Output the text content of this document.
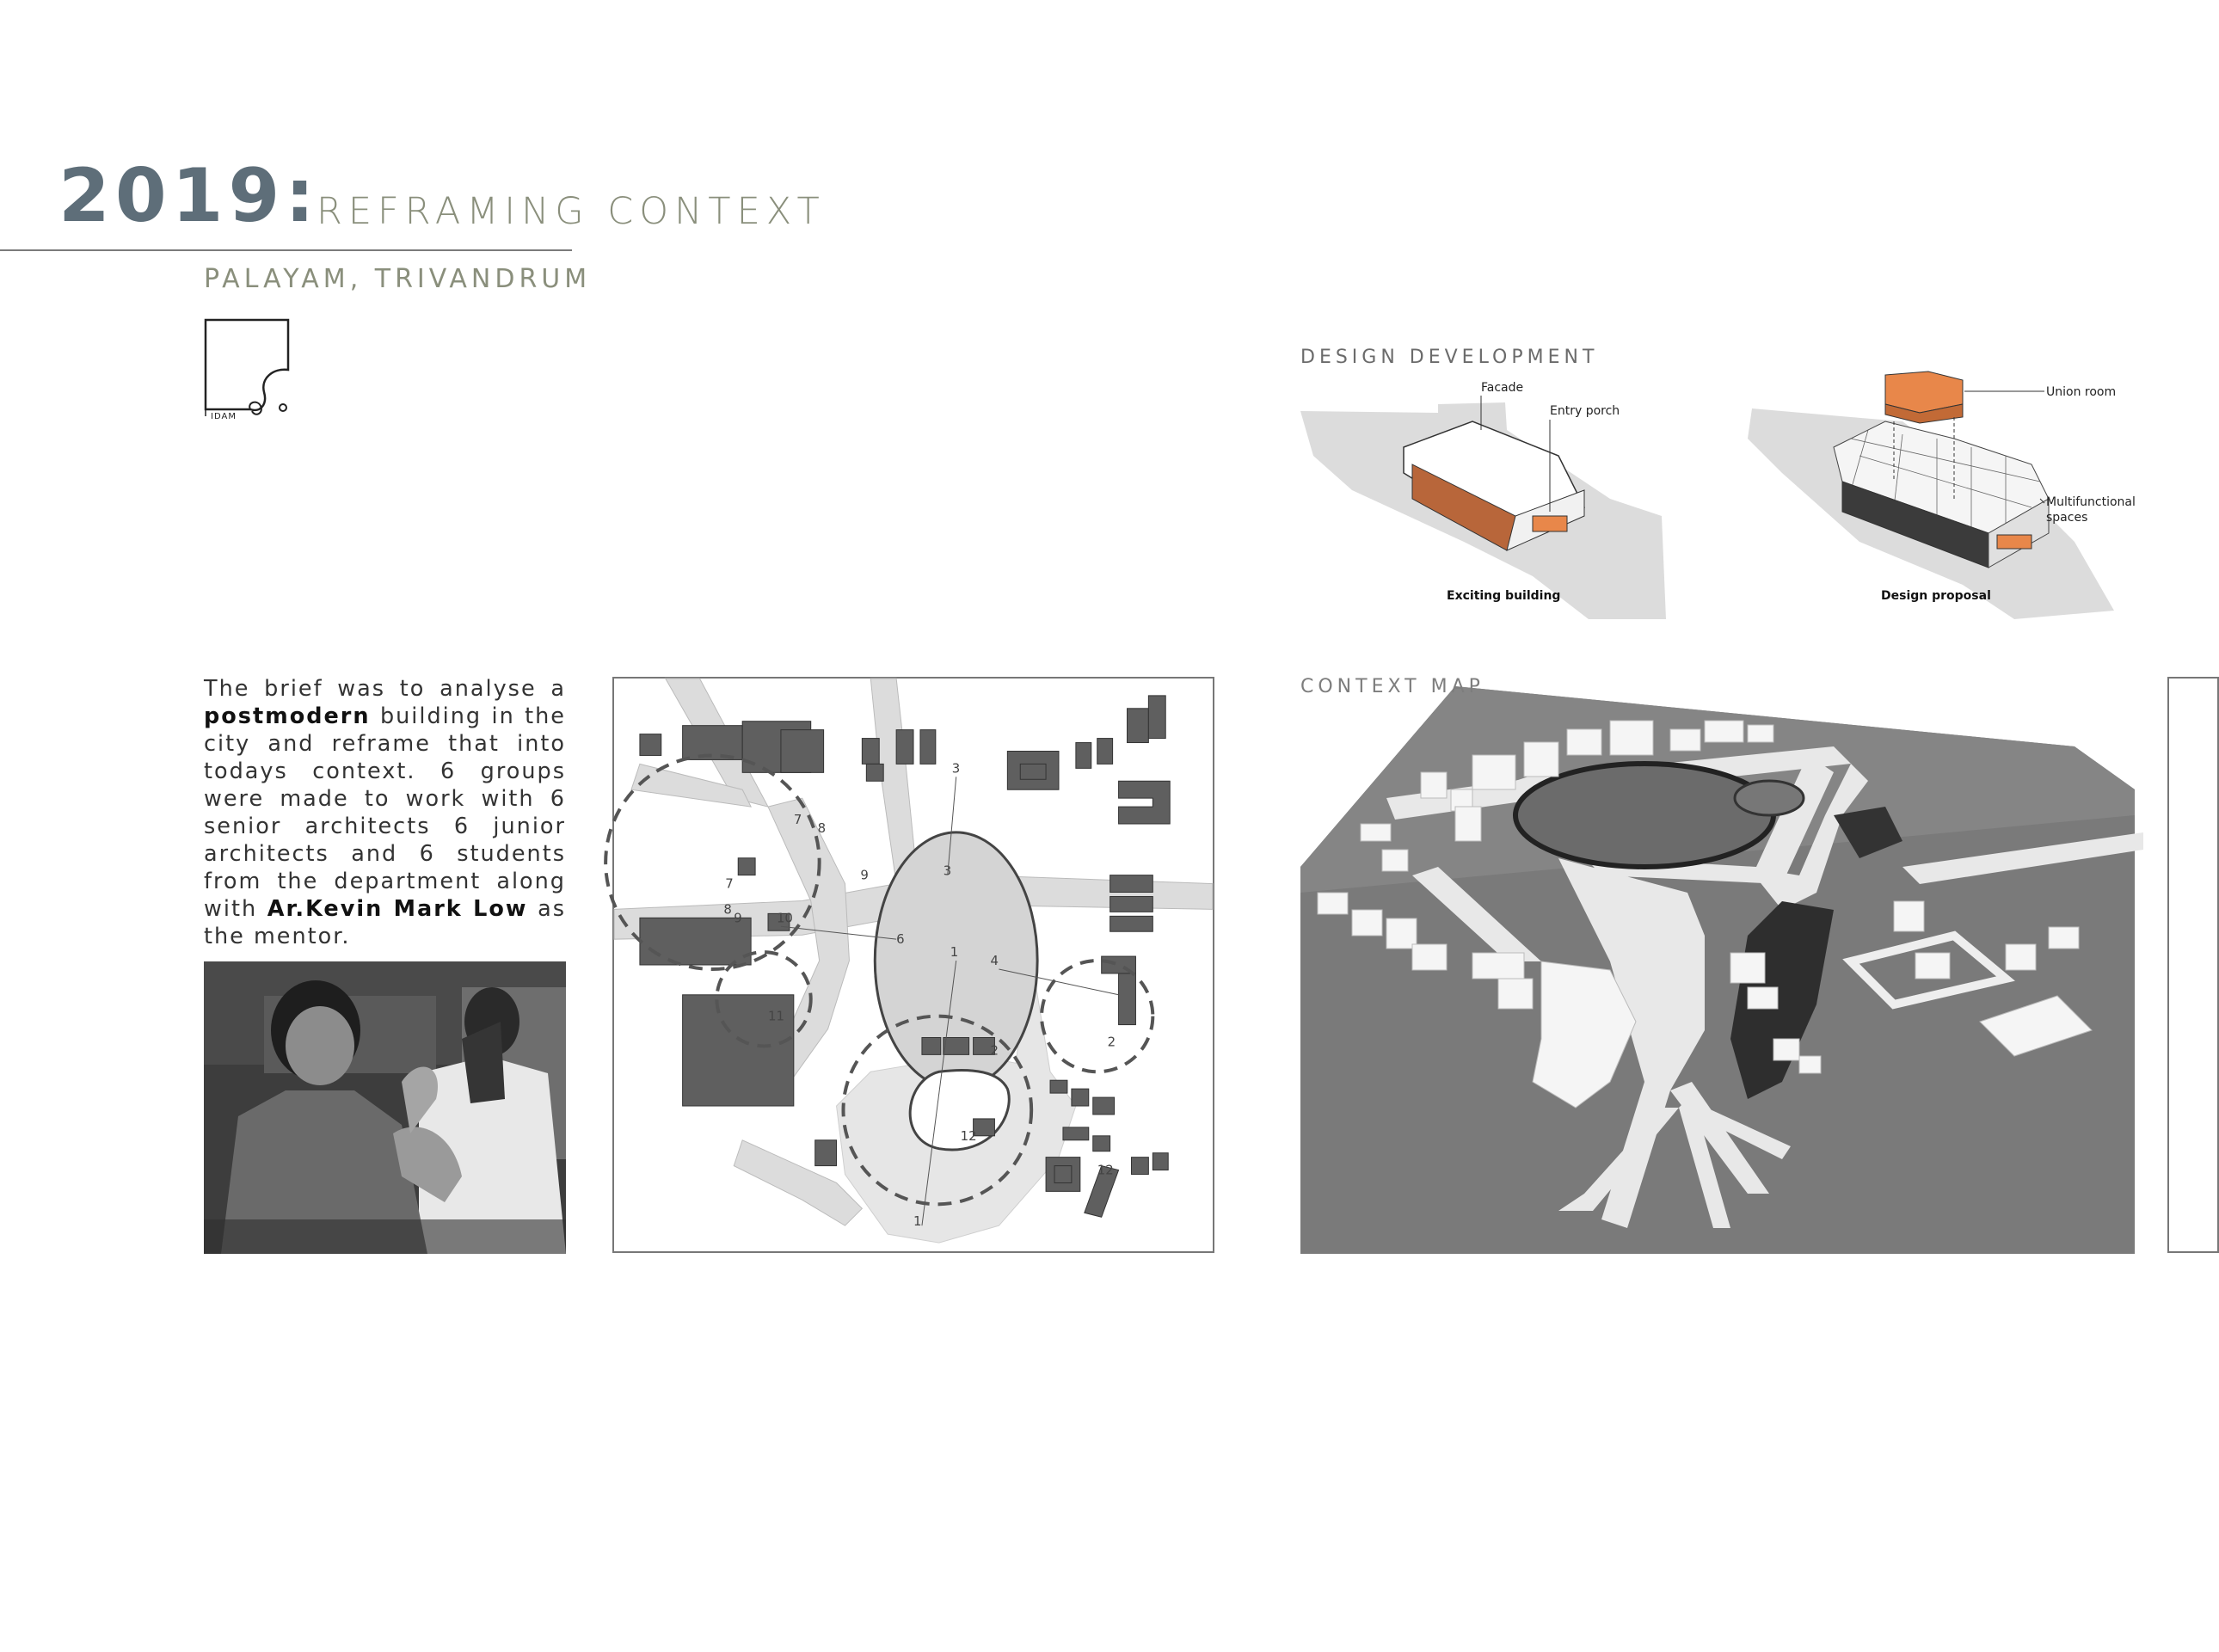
2019:
REFRAMING CONTEXT
PALAYAM, TRIVANDRUM
IDAM
DESIGN DEVELOPMENT
Facade
Entry porch
Exciting building
Union room
Multifunctional
spaces
Design proposal
The brief was to analyse a postmodern building in the city and reframe that into todays context. 6 groups were made to work with 6 senior architects 6 junior architects and 6 students from the department along with Ar.Kevin Mark Low as the mentor.
3
7
8
9
7
8
9	10
3
6
1
4
2
2
12
12
1
11
CONTEXT MAP
